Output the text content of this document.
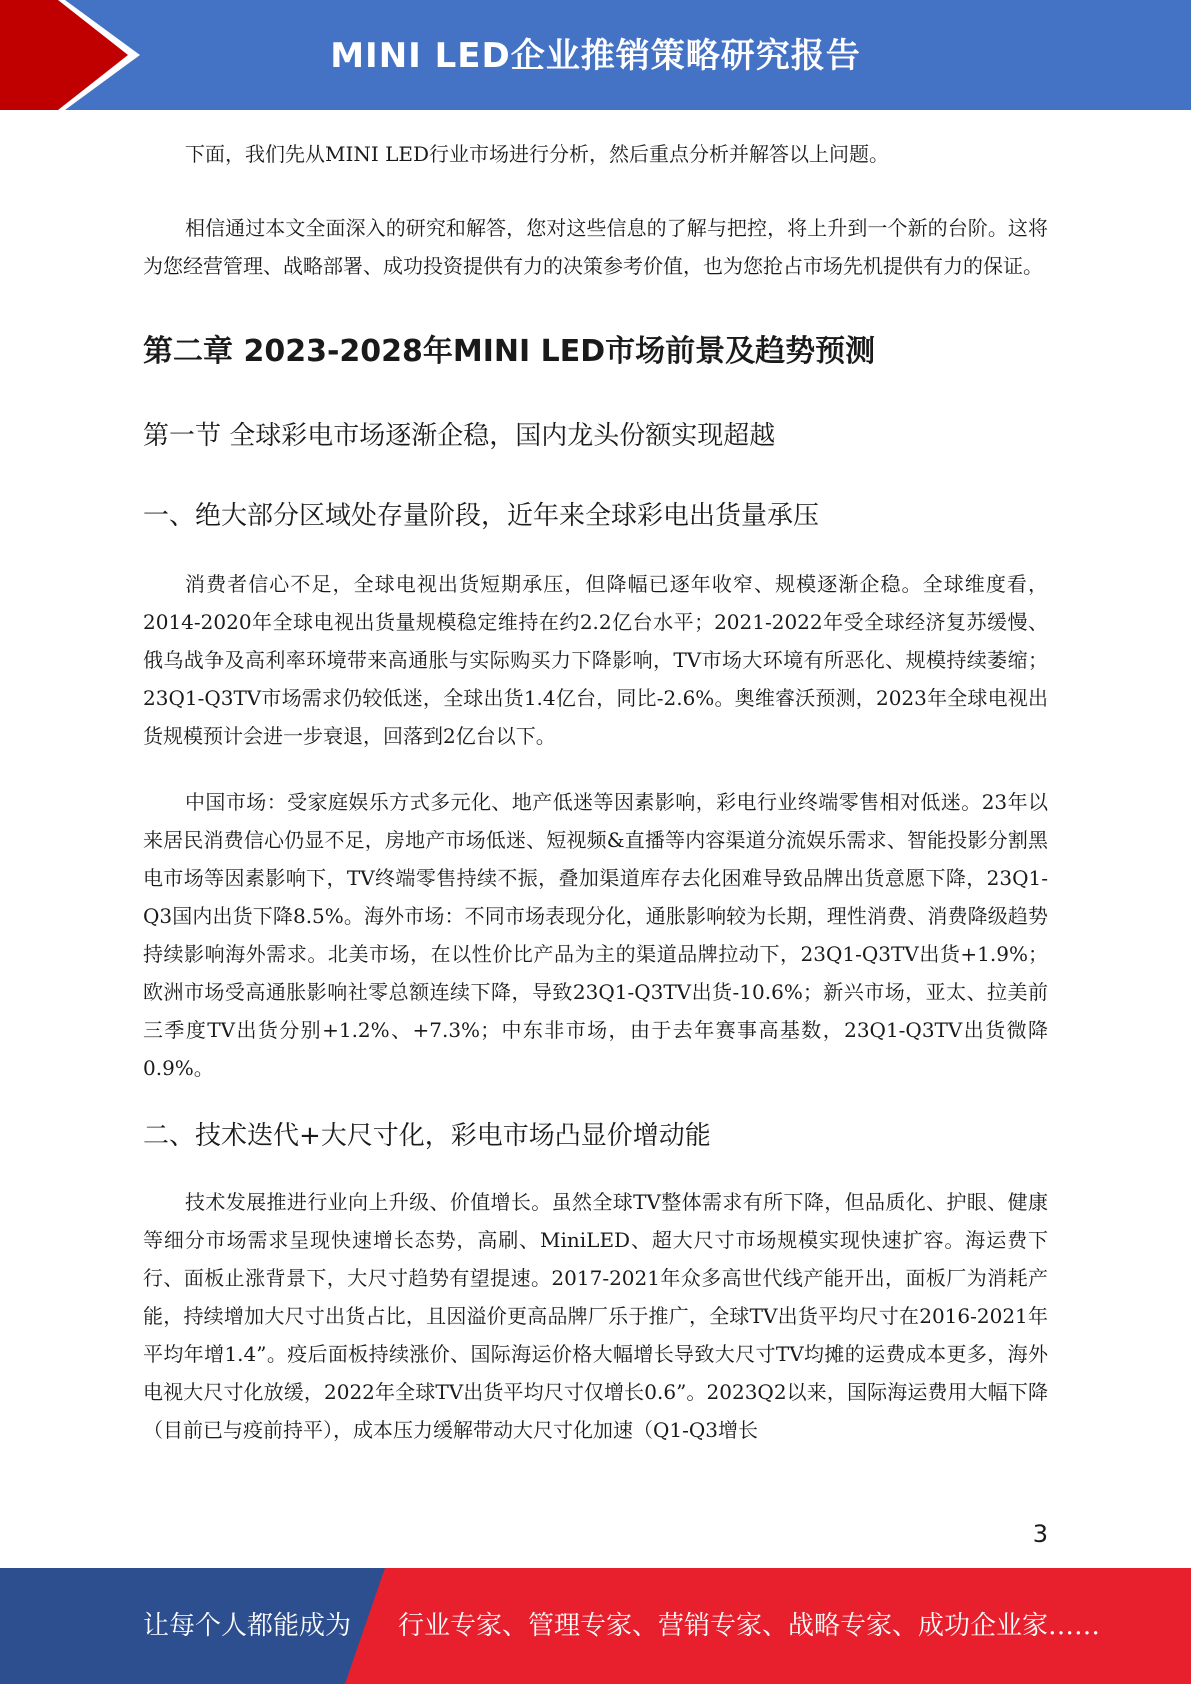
MINI LED企业推销策略研究报告

下面，我们先从MINI LED行业市场进行分析，然后重点分析并解答以上问题。

相信通过本文全面深入的研究和解答，您对这些信息的了解与把控，将上升到一个新的台阶。这将为您经营管理、战略部署、成功投资提供有力的决策参考价值，也为您抢占市场先机提供有力的保证。

第二章 2023-2028年MINI LED市场前景及趋势预测
第一节 全球彩电市场逐渐企稳，国内龙头份额实现超越
一、绝大部分区域处存量阶段，近年来全球彩电出货量承压

消费者信心不足，全球电视出货短期承压，但降幅已逐年收窄、规模逐渐企稳。全球维度看，2014-2020年全球电视出货量规模稳定维持在约2.2亿台水平；2021-2022年受全球经济复苏缓慢、俄乌战争及高利率环境带来高通胀与实际购买力下降影响，TV市场大环境有所恶化、规模持续萎缩；23Q1-Q3TV市场需求仍较低迷，全球出货1.4亿台，同比-2.6%。奥维睿沃预测，2023年全球电视出货规模预计会进一步衰退，回落到2亿台以下。

中国市场：受家庭娱乐方式多元化、地产低迷等因素影响，彩电行业终端零售相对低迷。23年以来居民消费信心仍显不足，房地产市场低迷、短视频&直播等内容渠道分流娱乐需求、智能投影分割黑电市场等因素影响下，TV终端零售持续不振，叠加渠道库存去化困难导致品牌出货意愿下降，23Q1-Q3国内出货下降8.5%。海外市场：不同市场表现分化，通胀影响较为长期，理性消费、消费降级趋势持续影响海外需求。北美市场，在以性价比产品为主的渠道品牌拉动下，23Q1-Q3TV出货+1.9%；欧洲市场受高通胀影响社零总额连续下降，导致23Q1-Q3TV出货-10.6%；新兴市场，亚太、拉美前三季度TV出货分别+1.2%、+7.3%；中东非市场，由于去年赛事高基数，23Q1-Q3TV出货微降0.9%。

二、技术迭代+大尺寸化，彩电市场凸显价增动能

技术发展推进行业向上升级、价值增长。虽然全球TV整体需求有所下降，但品质化、护眼、健康等细分市场需求呈现快速增长态势，高刷、MiniLED、超大尺寸市场规模实现快速扩容。海运费下行、面板止涨背景下，大尺寸趋势有望提速。2017-2021年众多高世代线产能开出，面板厂为消耗产能，持续增加大尺寸出货占比，且因溢价更高品牌厂乐于推广，全球TV出货平均尺寸在2016-2021年平均年增1.4”。疫后面板持续涨价、国际海运价格大幅增长导致大尺寸TV均摊的运费成本更多，海外电视大尺寸化放缓，2022年全球TV出货平均尺寸仅增长0.6”。2023Q2以来，国际海运费用大幅下降（目前已与疫前持平），成本压力缓解带动大尺寸化加速（Q1-Q3增长

3
让每个人都能成为 行业专家、管理专家、营销专家、战略专家、成功企业家……
